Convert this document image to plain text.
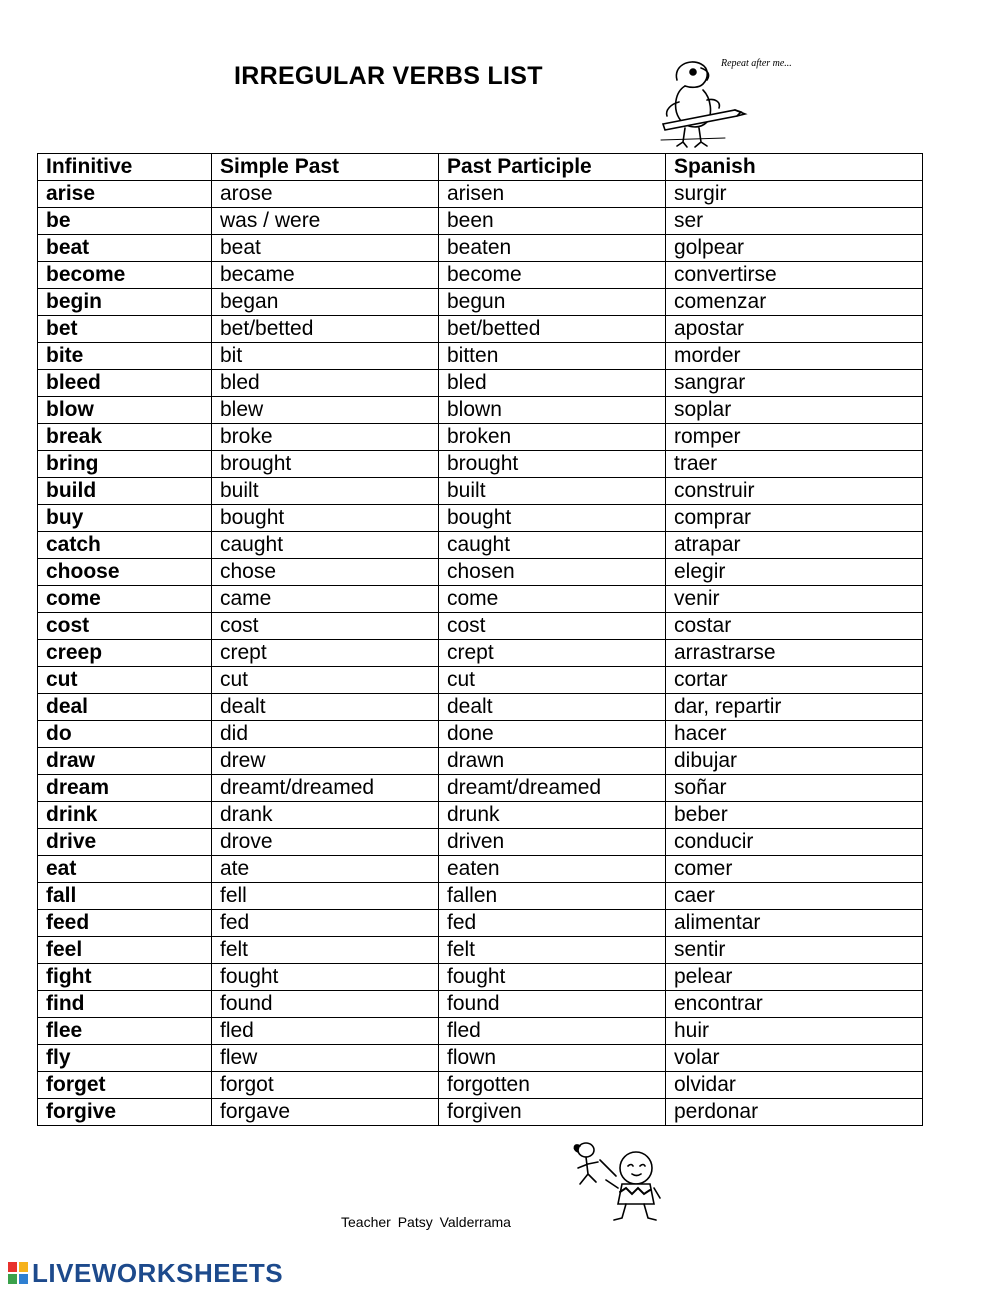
IRREGULAR VERBS LIST	Repeat after me...
Infinitive	Simple Past	Past Participle	Spanish
arise	arose	arisen	surgir
be	was / were	been	ser
beat	beat	beaten	golpear
become	became	become	convertirse
begin	began	begun	comenzar
bet	bet/betted	bet/betted	apostar
bite	bit	bitten	morder
bleed	bled	bled	sangrar
blow	blew	blown	soplar
break	broke	broken	romper
bring	brought	brought	traer
build	built	built	construir
buy	bought	bought	comprar
catch	caught	caught	atrapar
choose	chose	chosen	elegir
come	came	come	venir
cost	cost	cost	costar
creep	crept	crept	arrastrarse
cut	cut	cut	cortar
deal	dealt	dealt	dar, repartir
do	did	done	hacer
draw	drew	drawn	dibujar
dream	dreamt/dreamed	dreamt/dreamed	soñar
drink	drank	drunk	beber
drive	drove	driven	conducir
eat	ate	eaten	comer
fall	fell	fallen	caer
feed	fed	fed	alimentar
feel	felt	felt	sentir
fight	fought	fought	pelear
find	found	found	encontrar
flee	fled	fled	huir
fly	flew	flown	volar
forget	forgot	forgotten	olvidar
forgive	forgave	forgiven	perdonar
Teacher Patsy Valderrama
LIVEWORKSHEETS
